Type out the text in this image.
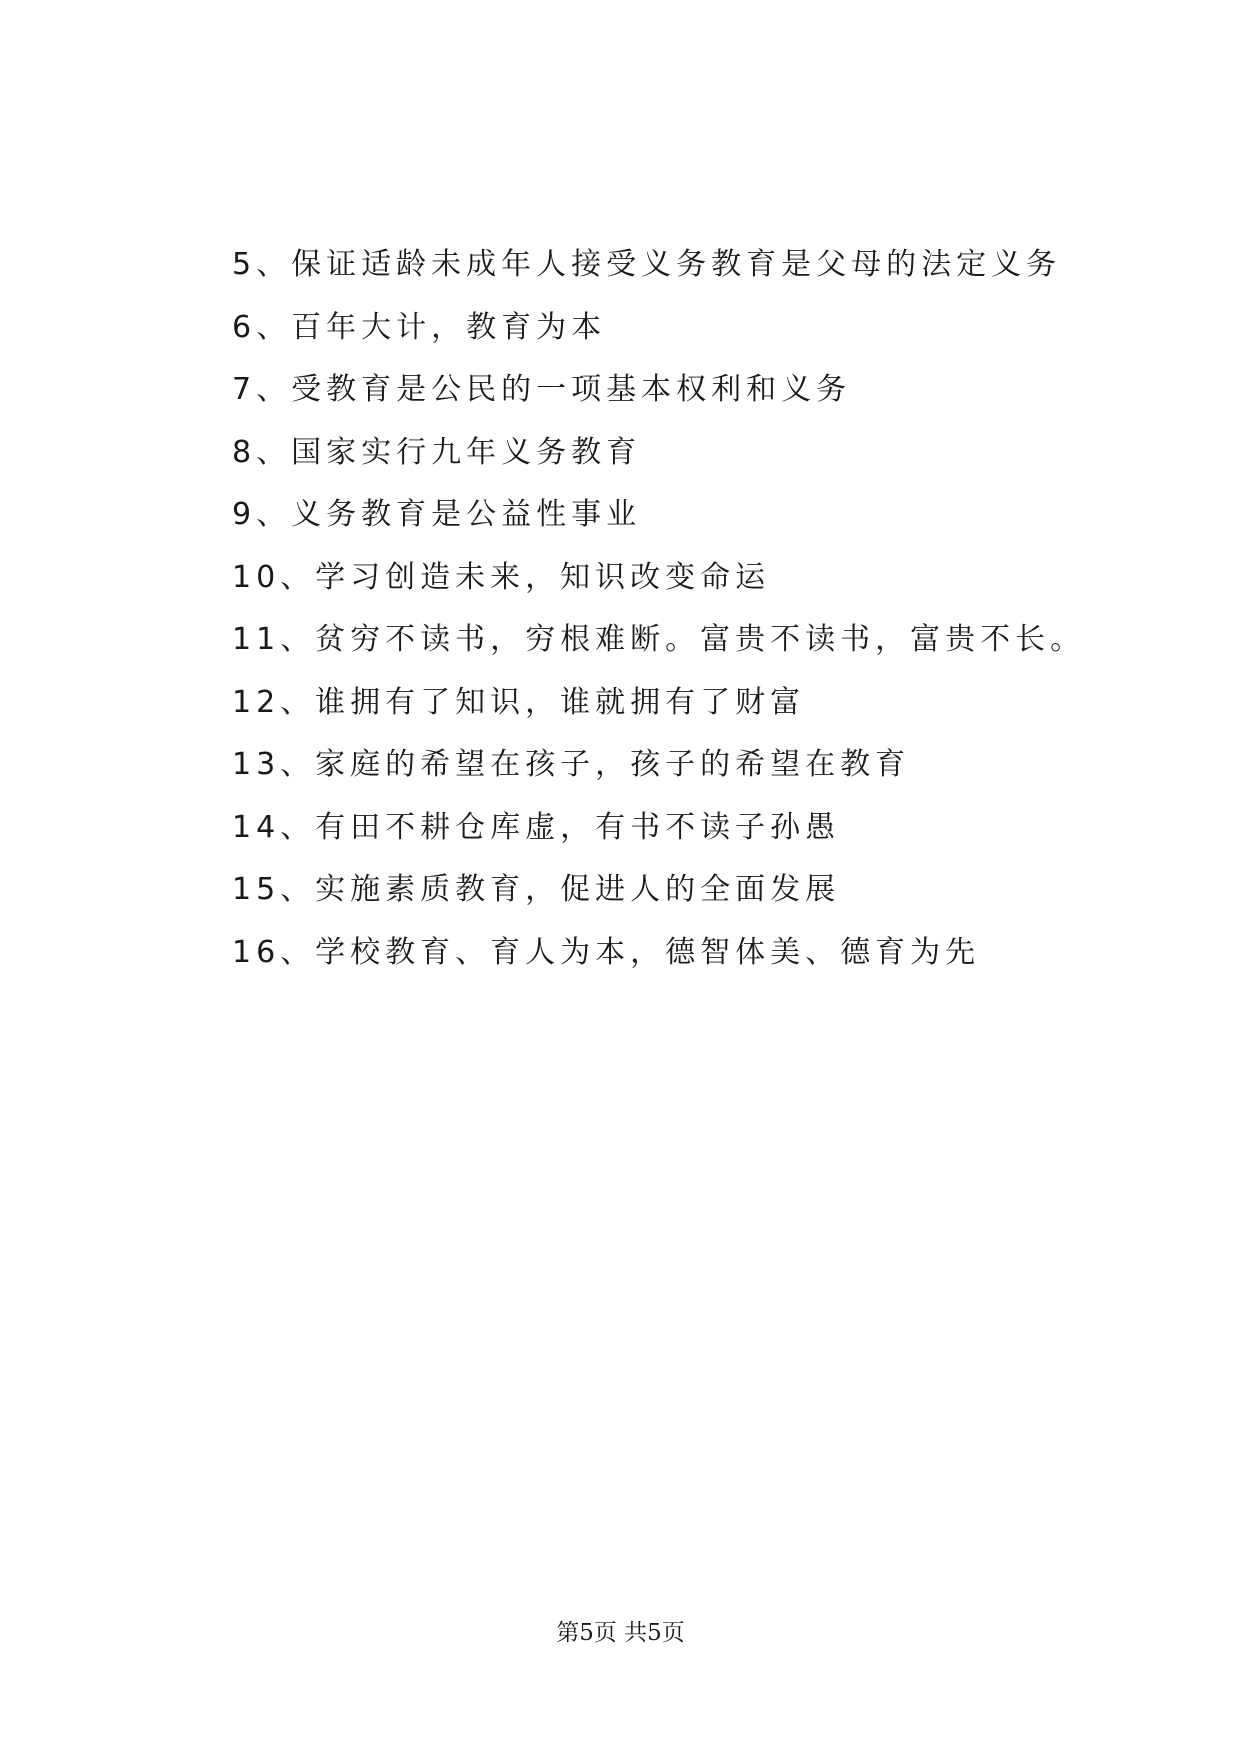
5、保证适龄未成年人接受义务教育是父母的法定义务
6、百年大计，教育为本
7、受教育是公民的一项基本权利和义务
8、国家实行九年义务教育
9、义务教育是公益性事业
10、学习创造未来，知识改变命运
11、贫穷不读书，穷根难断。富贵不读书，富贵不长。
12、谁拥有了知识，谁就拥有了财富
13、家庭的希望在孩子，孩子的希望在教育
14、有田不耕仓库虚，有书不读子孙愚
15、实施素质教育，促进人的全面发展
16、学校教育、育人为本，德智体美、德育为先
第5页 共5页
